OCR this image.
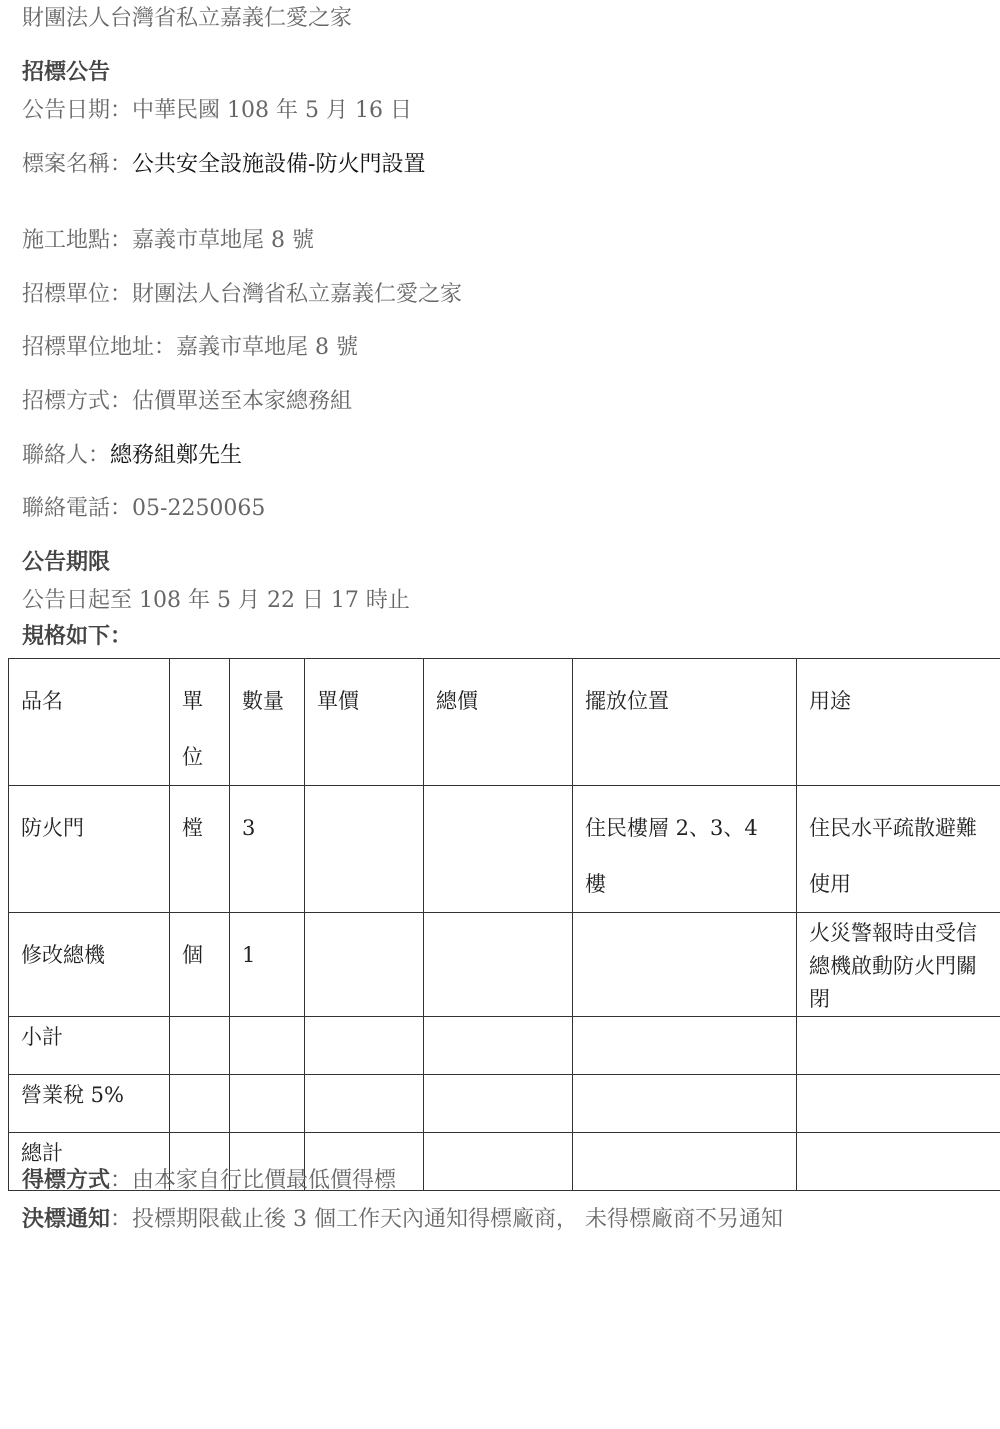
財團法人台灣省私立嘉義仁愛之家
招標公告
公告日期：中華民國 108 年 5 月 16 日
標案名稱：公共安全設施設備-防火門設置
施工地點：嘉義市草地尾 8 號
招標單位：財團法人台灣省私立嘉義仁愛之家
招標單位地址：嘉義市草地尾 8 號
招標方式：估價單送至本家總務組
聯絡人：總務組鄭先生
聯絡電話：05-2250065
公告期限
公告日起至 108 年 5 月 22 日 17 時止
規格如下：
品名	單位	數量	單價	總價	擺放位置	用途
防火門	樘	3			住民樓層 2、3、4 樓	住民水平疏散避難使用
修改總機	個	1				火災警報時由受信總機啟動防火門關閉
小計						
營業稅 5%						
總計						
得標方式：由本家自行比價最低價得標
決標通知：投標期限截止後 3 個工作天內通知得標廠商， 未得標廠商不另通知
